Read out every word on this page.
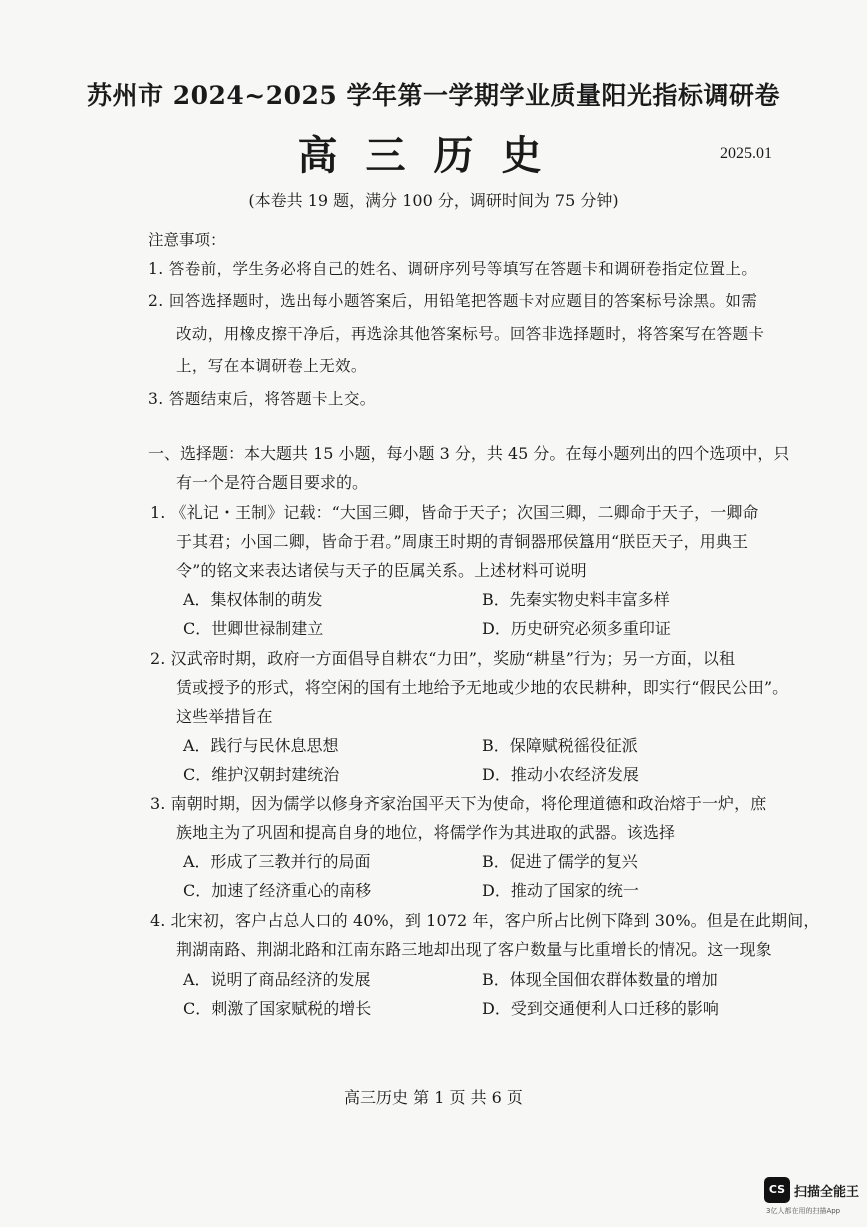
苏州市 2024~2025 学年第一学期学业质量阳光指标调研卷
高三历史	2025.01
(本卷共 19 题，满分 100 分，调研时间为 75 分钟)
注意事项：
1. 答卷前，学生务必将自己的姓名、调研序列号等填写在答题卡和调研卷指定位置上。
2. 回答选择题时，选出每小题答案后，用铅笔把答题卡对应题目的答案标号涂黑。如需
改动，用橡皮擦干净后，再选涂其他答案标号。回答非选择题时，将答案写在答题卡
上，写在本调研卷上无效。
3. 答题结束后，将答题卡上交。
一、选择题：本大题共 15 小题，每小题 3 分，共 45 分。在每小题列出的四个选项中，只
有一个是符合题目要求的。
1. 《礼记・王制》记载：“大国三卿，皆命于天子；次国三卿，二卿命于天子，一卿命
于其君；小国二卿，皆命于君。”周康王时期的青铜器邢侯簋用“朕臣天子，用典王
令”的铭文来表达诸侯与天子的臣属关系。上述材料可说明
A．集权体制的萌发	B．先秦实物史料丰富多样
C．世卿世禄制建立	D．历史研究必须多重印证
2. 汉武帝时期，政府一方面倡导自耕农“力田”，奖励“耕垦”行为；另一方面，以租
赁或授予的形式，将空闲的国有土地给予无地或少地的农民耕种，即实行“假民公田”。
这些举措旨在
A．践行与民休息思想	B．保障赋税徭役征派
C．维护汉朝封建统治	D．推动小农经济发展
3. 南朝时期，因为儒学以修身齐家治国平天下为使命，将伦理道德和政治熔于一炉，庶
族地主为了巩固和提高自身的地位，将儒学作为其进取的武器。该选择
A．形成了三教并行的局面	B．促进了儒学的复兴
C．加速了经济重心的南移	D．推动了国家的统一
4. 北宋初，客户占总人口的 40%，到 1072 年，客户所占比例下降到 30%。但是在此期间，
荆湖南路、荆湖北路和江南东路三地却出现了客户数量与比重增长的情况。这一现象
A．说明了商品经济的发展	B．体现全国佃农群体数量的增加
C．刺激了国家赋税的增长	D．受到交通便利人口迁移的影响
高三历史 第 1 页 共 6 页
CS 扫描全能王
3亿人都在用的扫描App
